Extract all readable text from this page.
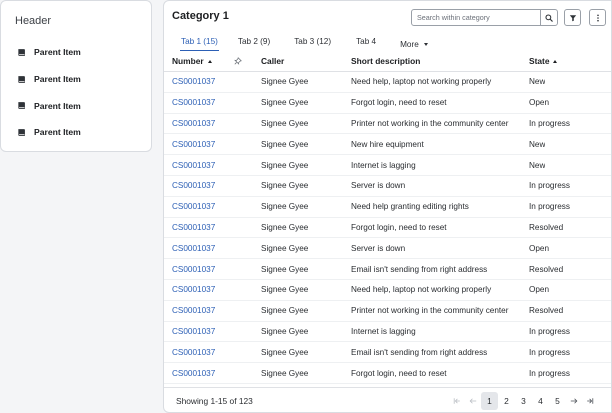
Header
Parent Item
Parent Item
Parent Item
Parent Item
Category 1
Search within category
Tab 1 (15) Tab 2 (9)	Tab 3 (12)	Tab 4	More
Number	Caller	Short description	State
CS0001037	Signee Gyee	Need help, laptop not working properly	New
CS0001037	Signee Gyee	Forgot login, need to reset	Open
CS0001037	Signee Gyee	Printer not working in the community center	In progress
CS0001037	Signee Gyee	New hire equipment	New
CS0001037	Signee Gyee	Internet is lagging	New
CS0001037	Signee Gyee	Server is down	In progress
CS0001037	Signee Gyee	Need help granting editing rights	In progress
CS0001037	Signee Gyee	Forgot login, need to reset	Resolved
CS0001037	Signee Gyee	Server is down	Open
CS0001037	Signee Gyee	Email isn't sending from right address	Resolved
CS0001037	Signee Gyee	Need help, laptop not working properly	Open
CS0001037	Signee Gyee	Printer not working in the community center	Resolved
CS0001037	Signee Gyee	Internet is lagging	In progress
CS0001037	Signee Gyee	Email isn't sending from right address	In progress
CS0001037	Signee Gyee	Forgot login, need to reset	In progress
Showing 1-15 of 123	1	2	3	4	5
